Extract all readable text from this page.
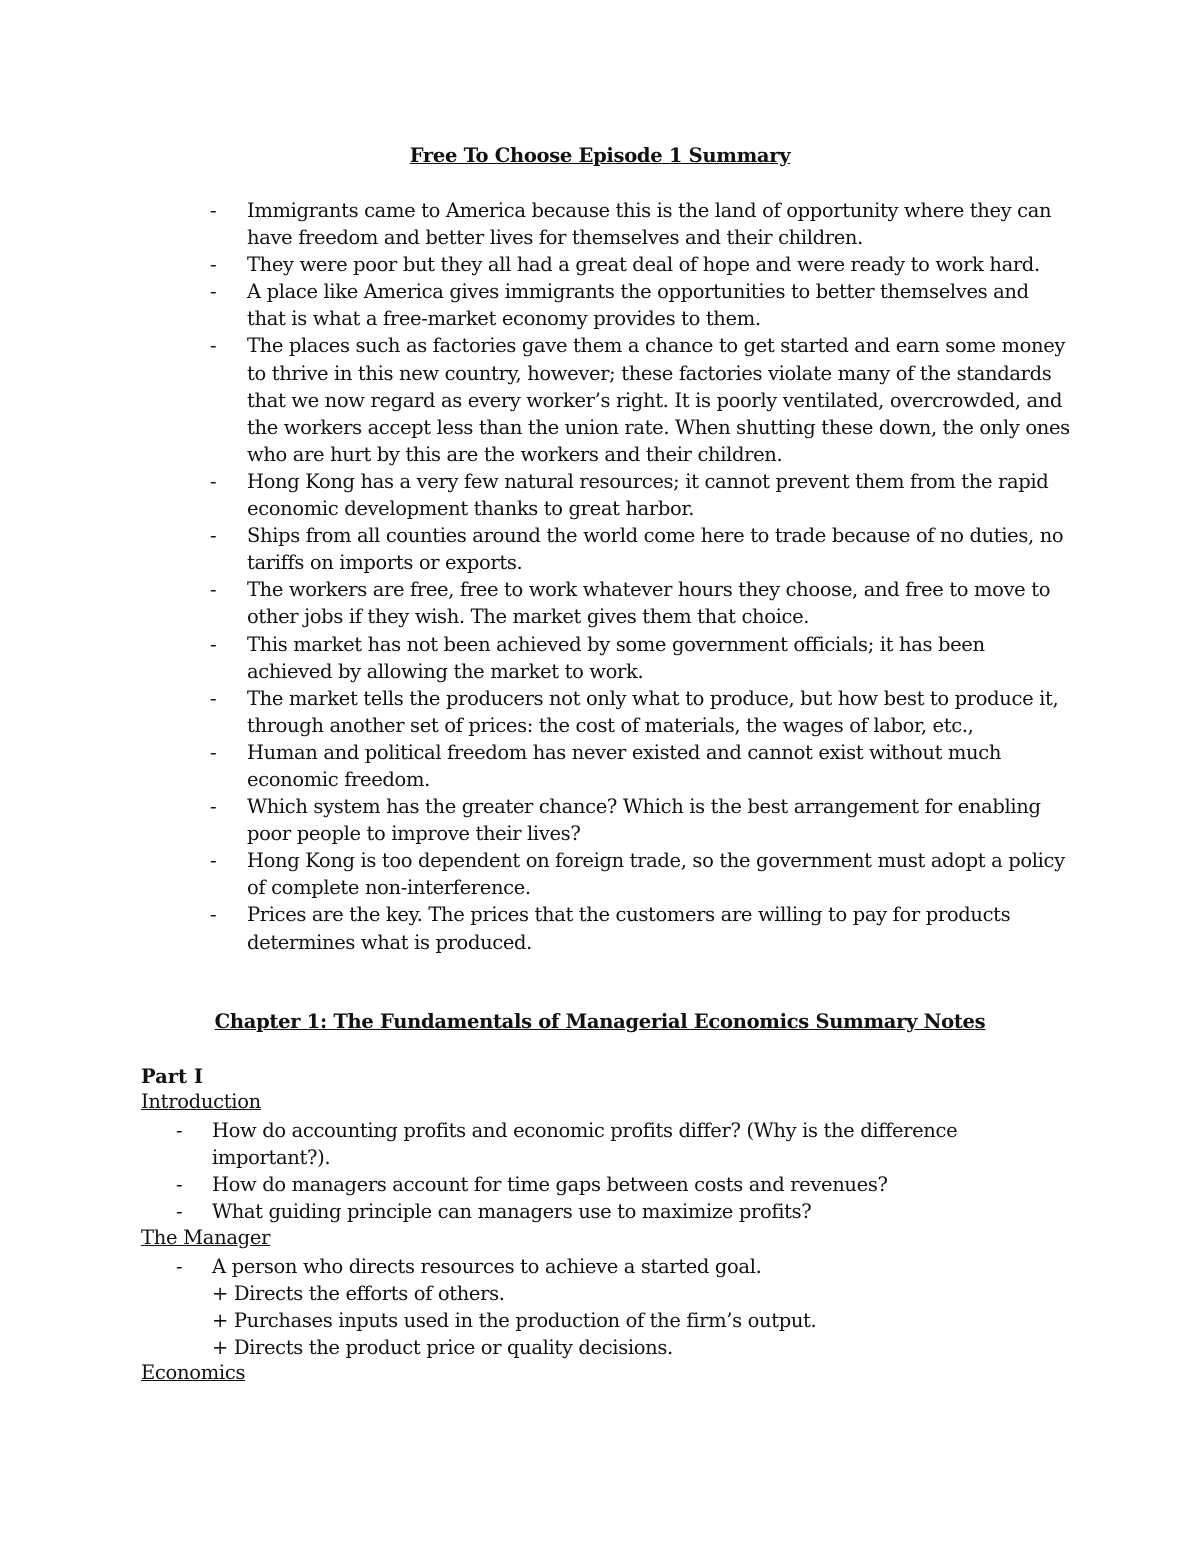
Free To Choose Episode 1 Summary
- Immigrants came to America because this is the land of opportunity where they can have freedom and better lives for themselves and their children.
- They were poor but they all had a great deal of hope and were ready to work hard.
- A place like America gives immigrants the opportunities to better themselves and that is what a free-market economy provides to them.
- The places such as factories gave them a chance to get started and earn some money to thrive in this new country, however; these factories violate many of the standards that we now regard as every worker’s right. It is poorly ventilated, overcrowded, and the workers accept less than the union rate. When shutting these down, the only ones who are hurt by this are the workers and their children.
- Hong Kong has a very few natural resources; it cannot prevent them from the rapid economic development thanks to great harbor.
- Ships from all counties around the world come here to trade because of no duties, no tariffs on imports or exports.
- The workers are free, free to work whatever hours they choose, and free to move to other jobs if they wish. The market gives them that choice.
- This market has not been achieved by some government officials; it has been achieved by allowing the market to work.
- The market tells the producers not only what to produce, but how best to produce it, through another set of prices: the cost of materials, the wages of labor, etc.,
- Human and political freedom has never existed and cannot exist without much economic freedom.
- Which system has the greater chance? Which is the best arrangement for enabling poor people to improve their lives?
- Hong Kong is too dependent on foreign trade, so the government must adopt a policy of complete non-interference.
- Prices are the key. The prices that the customers are willing to pay for products determines what is produced.
Chapter 1: The Fundamentals of Managerial Economics Summary Notes
Part I
Introduction
- How do accounting profits and economic profits differ? (Why is the difference important?).
- How do managers account for time gaps between costs and revenues?
- What guiding principle can managers use to maximize profits?
The Manager
- A person who directs resources to achieve a started goal.
+ Directs the efforts of others.
+ Purchases inputs used in the production of the firm’s output.
+ Directs the product price or quality decisions.
Economics
